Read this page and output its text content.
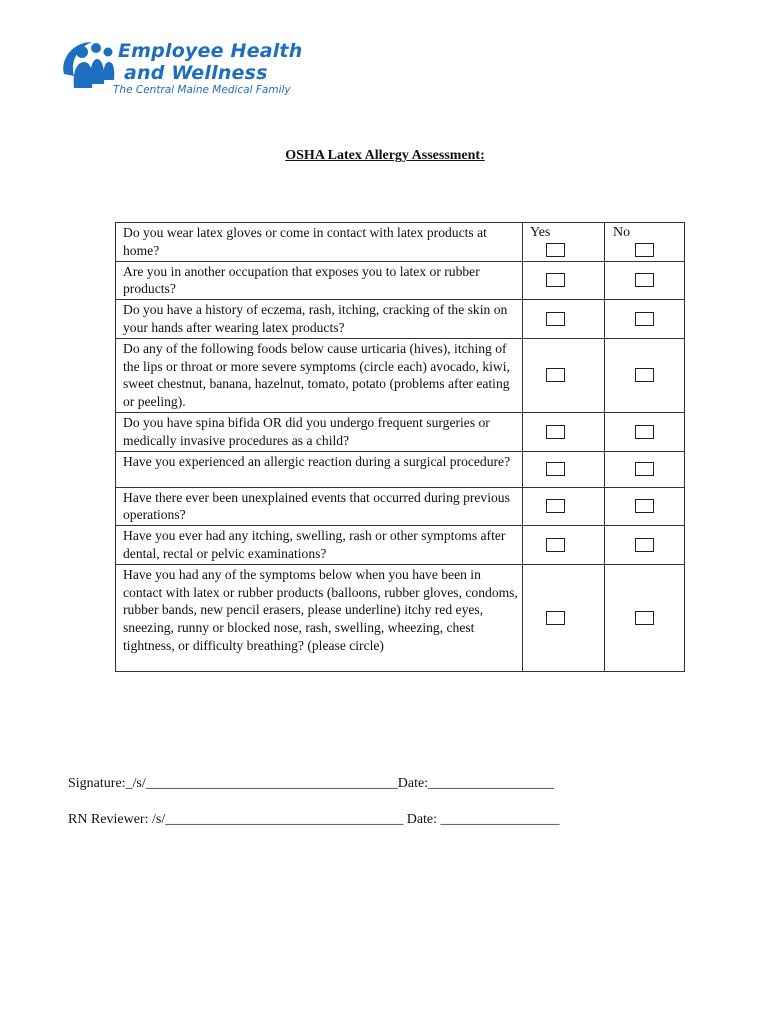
Employee Health
and Wellness
The Central Maine Medical Family
OSHA Latex Allergy Assessment:
Do you wear latex gloves or come in contact with latex products at home?	Yes	No

Are you in another occupation that exposes you to latex or rubber products?	

Do you have a history of eczema, rash, itching, cracking of the skin on your hands after wearing latex products?	

Do any of the following foods below cause urticaria (hives), itching of the lips or throat or more severe symptoms (circle each) avocado, kiwi, sweet chestnut, banana, hazelnut, tomato, potato (problems after eating or peeling).	

Do you have spina bifida OR did you undergo frequent surgeries or medically invasive procedures as a child?	

Have you experienced an allergic reaction during a surgical procedure?	

Have there ever been unexplained events that occurred during previous operations?	

Have you ever had any itching, swelling, rash or other symptoms after dental, rectal or pelvic examinations?	

Have you had any of the symptoms below when you have been in contact with latex or rubber products (balloons, rubber gloves, condoms, rubber bands, new pencil erasers, please underline) itchy red eyes, sneezing, runny or blocked nose, rash, swelling, wheezing, chest tightness, or difficulty breathing? (please circle)	

Signature:_/s/____________________________________Date:__________________
RN Reviewer: /s/__________________________________ Date: _________________
